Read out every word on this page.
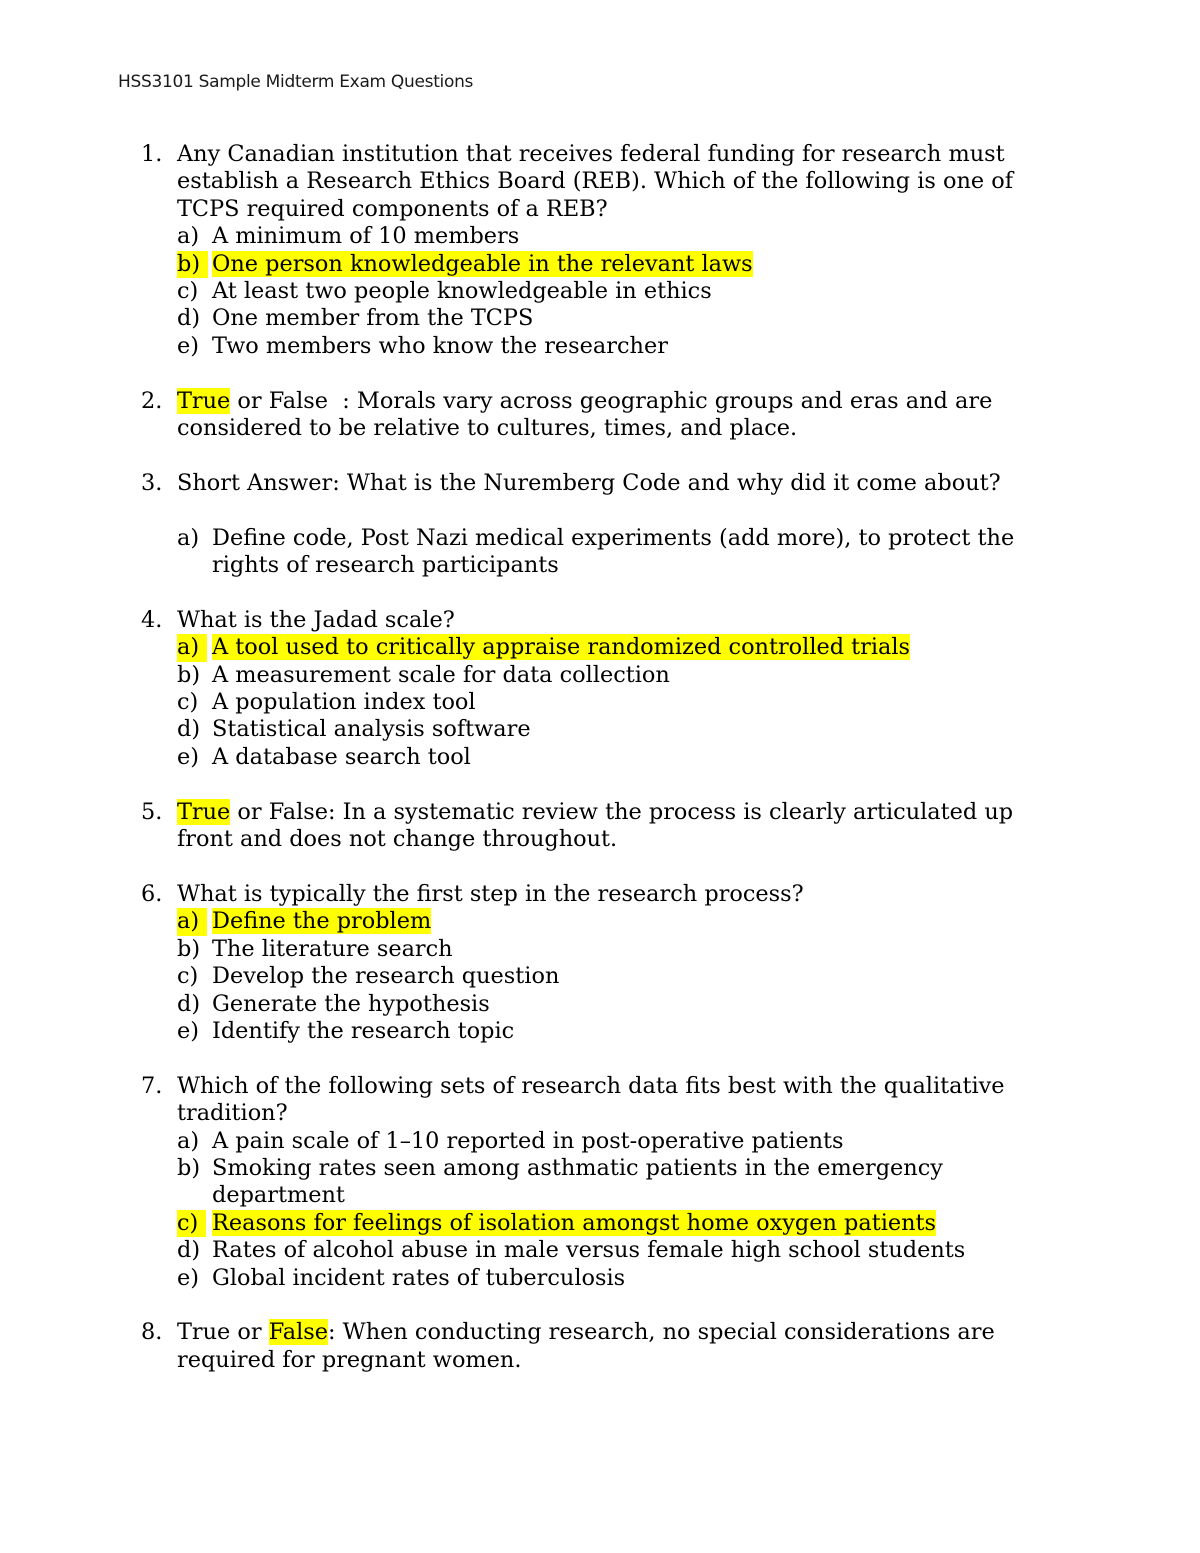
HSS3101 Sample Midterm Exam Questions
1. Any Canadian institution that receives federal funding for research must
establish a Research Ethics Board (REB). Which of the following is one of
TCPS required components of a REB?
a) A minimum of 10 members
b) One person knowledgeable in the relevant laws
c) At least two people knowledgeable in ethics
d) One member from the TCPS
e) Two members who know the researcher
2. True or False  : Morals vary across geographic groups and eras and are
considered to be relative to cultures, times, and place.
3. Short Answer: What is the Nuremberg Code and why did it come about?
a) Define code, Post Nazi medical experiments (add more), to protect the
rights of research participants
4. What is the Jadad scale?
a) A tool used to critically appraise randomized controlled trials
b) A measurement scale for data collection
c) A population index tool
d) Statistical analysis software
e) A database search tool
5. True or False: In a systematic review the process is clearly articulated up
front and does not change throughout.
6. What is typically the first step in the research process?
a) Define the problem
b) The literature search
c) Develop the research question
d) Generate the hypothesis
e) Identify the research topic
7. Which of the following sets of research data fits best with the qualitative
tradition?
a) A pain scale of 1–10 reported in post-operative patients
b) Smoking rates seen among asthmatic patients in the emergency
department
c) Reasons for feelings of isolation amongst home oxygen patients
d) Rates of alcohol abuse in male versus female high school students
e) Global incident rates of tuberculosis
8. True or False: When conducting research, no special considerations are
required for pregnant women.
